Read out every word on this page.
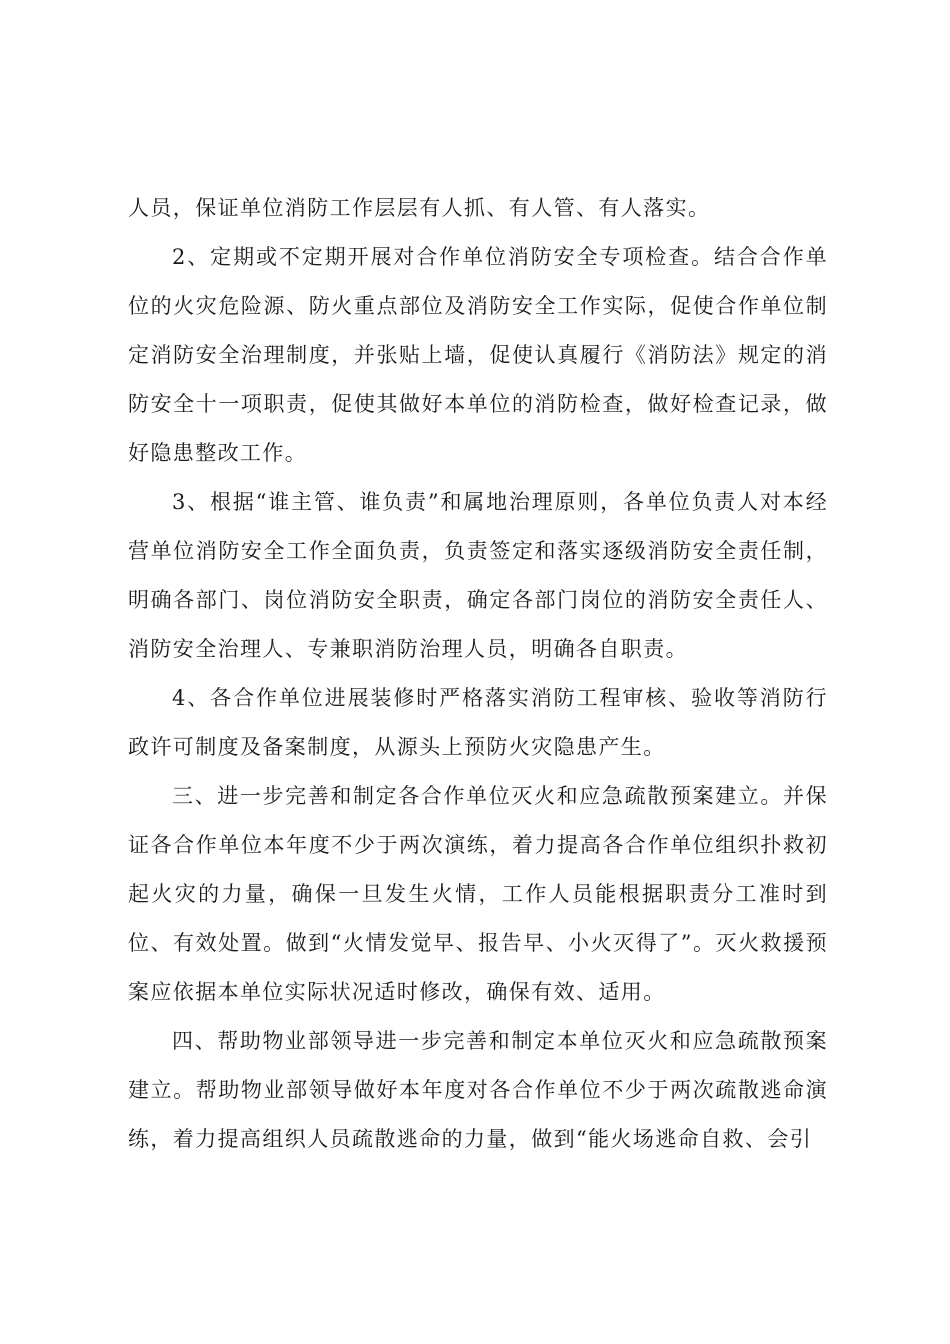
人员，保证单位消防工作层层有人抓、有人管、有人落实。

2、定期或不定期开展对合作单位消防安全专项检查。结合合作单位的火灾危险源、防火重点部位及消防安全工作实际，促使合作单位制定消防安全治理制度，并张贴上墙，促使认真履行《消防法》规定的消防安全十一项职责，促使其做好本单位的消防检查，做好检查记录，做好隐患整改工作。

3、根据“谁主管、谁负责”和属地治理原则，各单位负责人对本经营单位消防安全工作全面负责，负责签定和落实逐级消防安全责任制，明确各部门、岗位消防安全职责，确定各部门岗位的消防安全责任人、消防安全治理人、专兼职消防治理人员，明确各自职责。

4、各合作单位进展装修时严格落实消防工程审核、验收等消防行政许可制度及备案制度，从源头上预防火灾隐患产生。

三、进一步完善和制定各合作单位灭火和应急疏散预案建立。并保证各合作单位本年度不少于两次演练，着力提高各合作单位组织扑救初起火灾的力量，确保一旦发生火情，工作人员能根据职责分工准时到位、有效处置。做到“火情发觉早、报告早、小火灭得了”。灭火救援预案应依据本单位实际状况适时修改，确保有效、适用。

四、帮助物业部领导进一步完善和制定本单位灭火和应急疏散预案建立。帮助物业部领导做好本年度对各合作单位不少于两次疏散逃命演练，着力提高组织人员疏散逃命的力量，做到“能火场逃命自救、会引
